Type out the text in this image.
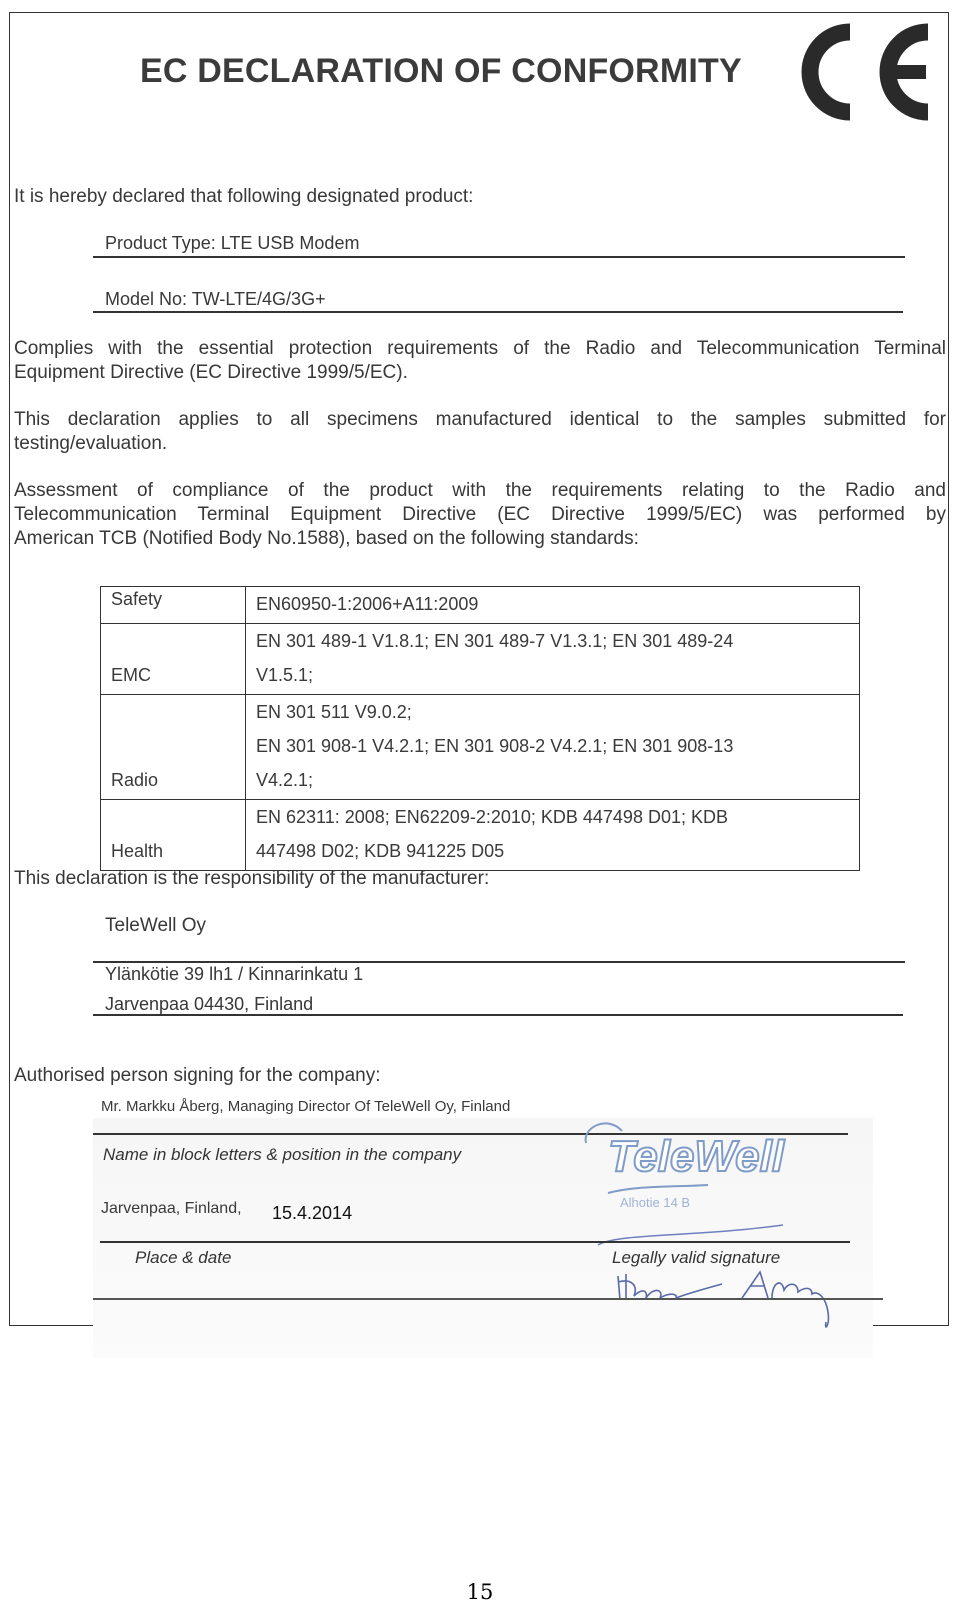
EC DECLARATION OF CONFORMITY
It is hereby declared that following designated product:
Product Type: LTE USB Modem
Model No: TW-LTE/4G/3G+
Complies with the essential protection requirements of the Radio and Telecommunication Terminal
Equipment Directive (EC Directive 1999/5/EC).
This declaration applies to all specimens manufactured identical to the samples submitted for
testing/evaluation.
Assessment of compliance of the product with the requirements relating to the Radio and
Telecommunication Terminal Equipment Directive (EC Directive 1999/5/EC) was performed by
American TCB (Notified Body No.1588), based on the following standards:
Safety	EN60950-1:2006+A11:2009

EMC	EN 301 489-1 V1.8.1; EN 301 489-7 V1.3.1; EN 301 489-24
V1.5.1;

Radio	EN 301 511 V9.0.2;
EN 301 908-1 V4.2.1; EN 301 908-2 V4.2.1; EN 301 908-13
V4.2.1;

Health	EN 62311: 2008; EN62209-2:2010; KDB 447498 D01; KDB
447498 D02; KDB 941225 D05
This declaration is the responsibility of the manufacturer:
TeleWell Oy
Ylänkötie 39 lh1 / Kinnarinkatu 1
Jarvenpaa 04430, Finland
Authorised person signing for the company:
Mr. Markku Åberg, Managing Director Of TeleWell Oy, Finland
Name in block letters & position in the company	TeleWell
Alhotie 14 B
Jarvenpaa, Finland, 15.4.2014
Place & date	Legally valid signature
15
